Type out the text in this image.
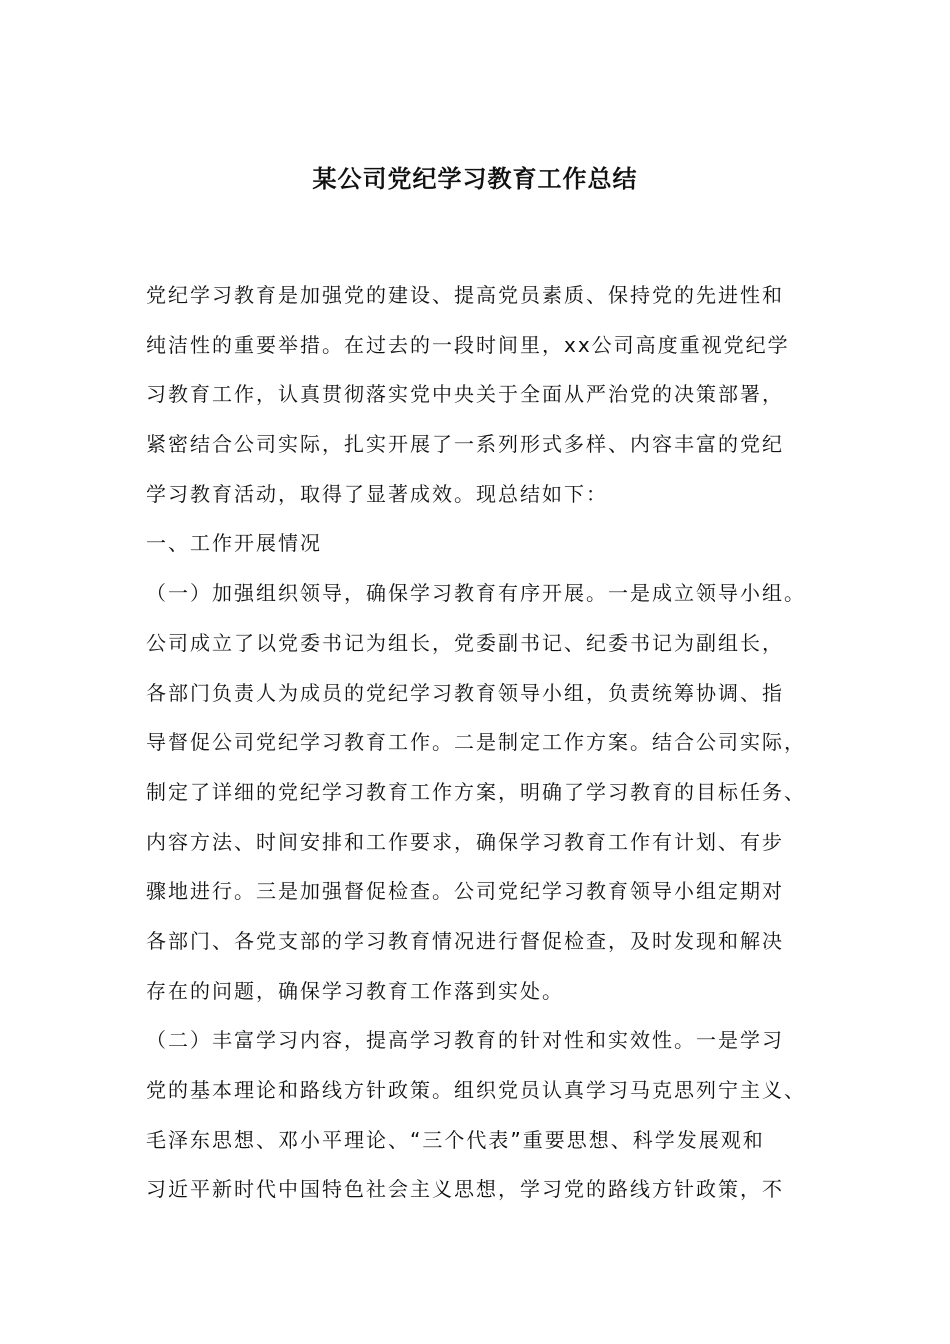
某公司党纪学习教育工作总结
党纪学习教育是加强党的建设、提高党员素质、保持党的先进性和
纯洁性的重要举措。在过去的一段时间里，xx公司高度重视党纪学
习教育工作，认真贯彻落实党中央关于全面从严治党的决策部署，
紧密结合公司实际，扎实开展了一系列形式多样、内容丰富的党纪
学习教育活动，取得了显著成效。现总结如下：
一、工作开展情况
（一）加强组织领导，确保学习教育有序开展。一是成立领导小组。
公司成立了以党委书记为组长，党委副书记、纪委书记为副组长，
各部门负责人为成员的党纪学习教育领导小组，负责统筹协调、指
导督促公司党纪学习教育工作。二是制定工作方案。结合公司实际，
制定了详细的党纪学习教育工作方案，明确了学习教育的目标任务、
内容方法、时间安排和工作要求，确保学习教育工作有计划、有步
骤地进行。三是加强督促检查。公司党纪学习教育领导小组定期对
各部门、各党支部的学习教育情况进行督促检查，及时发现和解决
存在的问题，确保学习教育工作落到实处。
（二）丰富学习内容，提高学习教育的针对性和实效性。一是学习
党的基本理论和路线方针政策。组织党员认真学习马克思列宁主义、
毛泽东思想、邓小平理论、“三个代表”重要思想、科学发展观和
习近平新时代中国特色社会主义思想，学习党的路线方针政策，不
